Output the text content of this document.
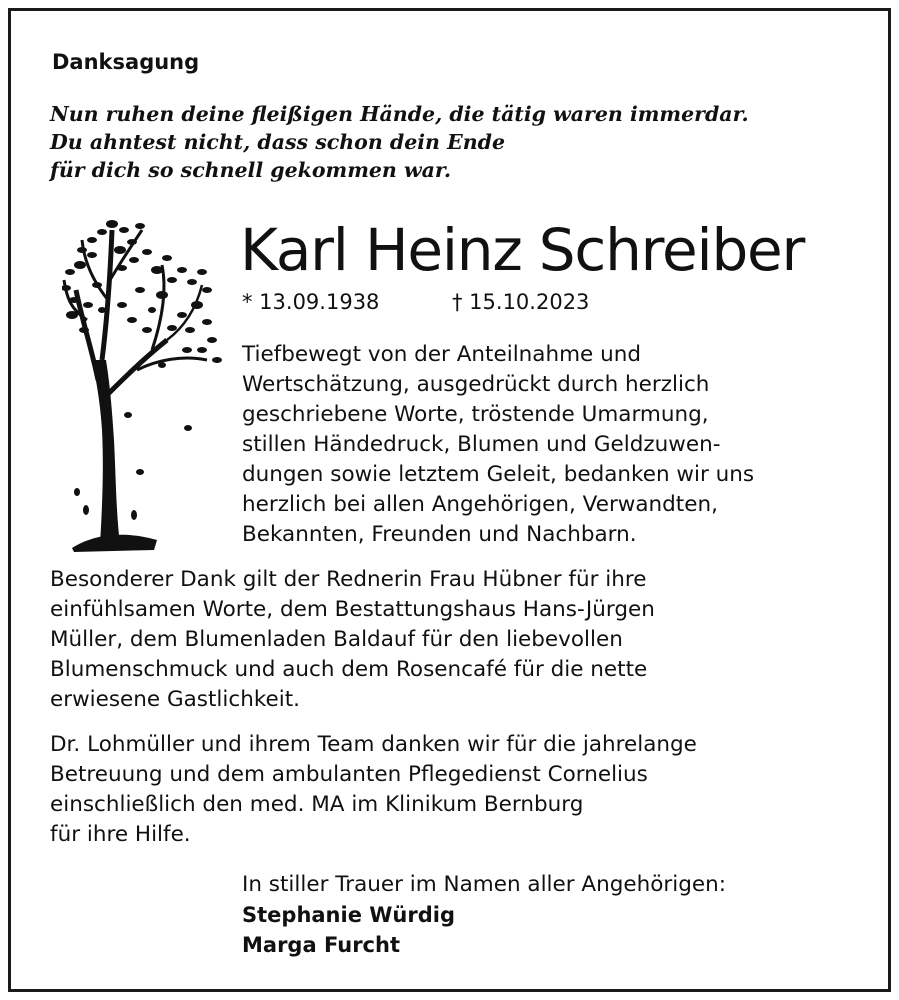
Danksagung
Nun ruhen deine fleißigen Hände, die tätig waren immerdar.
Du ahntest nicht, dass schon dein Ende
für dich so schnell gekommen war.
Karl Heinz Schreiber
* 13.09.1938	† 15.10.2023
Tiefbewegt von der Anteilnahme und
Wertschätzung, ausgedrückt durch herzlich
geschriebene Worte, tröstende Umarmung,
stillen Händedruck, Blumen und Geldzuwen-
dungen sowie letztem Geleit, bedanken wir uns
herzlich bei allen Angehörigen, Verwandten,
Bekannten, Freunden und Nachbarn.
Besonderer Dank gilt der Rednerin Frau Hübner für ihre
einfühlsamen Worte, dem Bestattungshaus Hans-Jürgen
Müller, dem Blumenladen Baldauf für den liebevollen
Blumenschmuck und auch dem Rosencafé für die nette
erwiesene Gastlichkeit.
Dr. Lohmüller und ihrem Team danken wir für die jahrelange
Betreuung und dem ambulanten Pflegedienst Cornelius
einschließlich den med. MA im Klinikum Bernburg
für ihre Hilfe.
In stiller Trauer im Namen aller Angehörigen:
Stephanie Würdig
Marga Furcht
